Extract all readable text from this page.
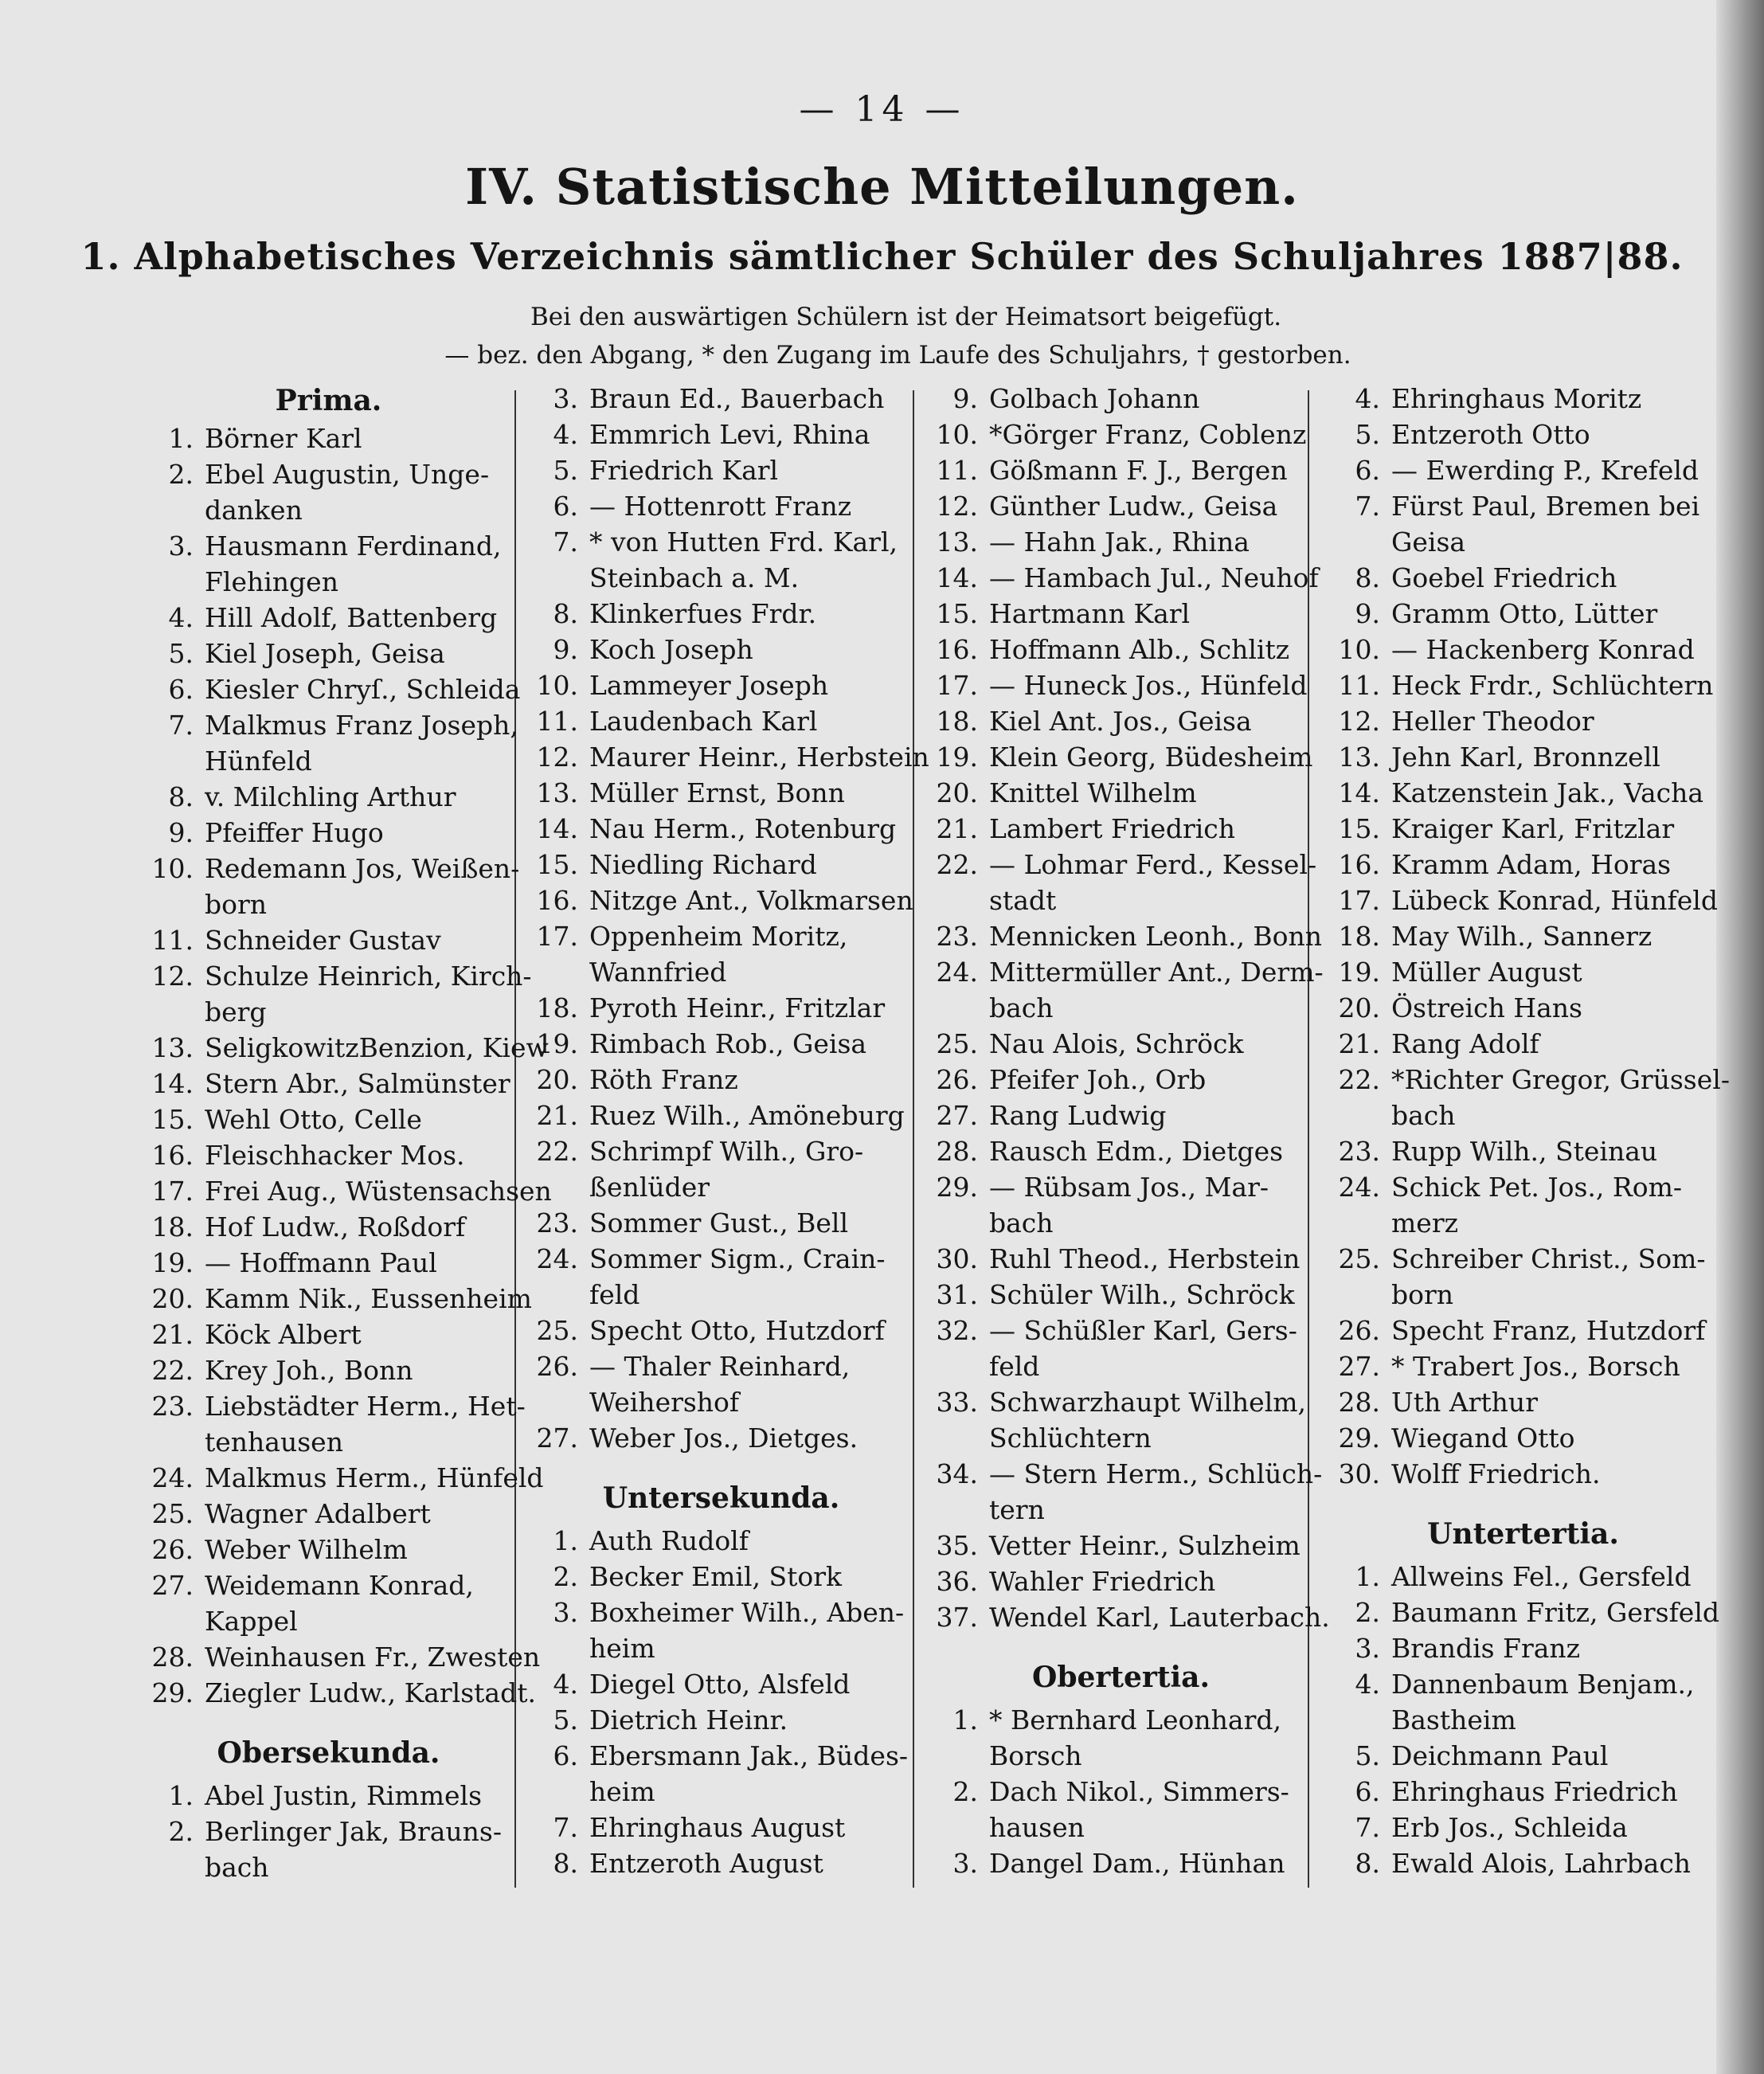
— 14 —
IV. Statistische Mitteilungen.
1. Alphabetisches Verzeichnis sämtlicher Schüler des Schuljahres 1887|88.
Bei den auswärtigen Schülern ist der Heimatsort beigefügt.
— bez. den Abgang, * den Zugang im Laufe des Schuljahrs, † gestorben.
Prima.
1. Börner Karl
2. Ebel Augustin, Unge-
danken
3. Hausmann Ferdinand,
Flehingen
4. Hill Adolf, Battenberg
5. Kiel Joseph, Geisa
6. Kiesler Chryſ., Schleida
7. Malkmus Franz Joseph,
Hünfeld
8. v. Milchling Arthur
9. Pfeiffer Hugo
10. Redemann Jos, Weißen-
born
11. Schneider Gustav
12. Schulze Heinrich, Kirch-
berg
13. SeligkowitzBenzion, Kiew
14. Stern Abr., Salmünster
15. Wehl Otto, Celle
16. Fleischhacker Mos.
17. Frei Aug., Wüstensachsen
18. Hof Ludw., Roßdorf
19. — Hoffmann Paul
20. Kamm Nik., Eussenheim
21. Köck Albert
22. Krey Joh., Bonn
23. Liebstädter Herm., Het-
tenhausen
24. Malkmus Herm., Hünfeld
25. Wagner Adalbert
26. Weber Wilhelm
27. Weidemann Konrad,
Kappel
28. Weinhausen Fr., Zwesten
29. Ziegler Ludw., Karlstadt.
Obersekunda.
1. Abel Justin, Rimmels
2. Berlinger Jak, Brauns-
bach
3. Braun Ed., Bauerbach
4. Emmrich Levi, Rhina
5. Friedrich Karl
6. — Hottenrott Franz
7. * von Hutten Frd. Karl,
Steinbach a. M.
8. Klinkerfues Frdr.
9. Koch Joseph
10. Lammeyer Joseph
11. Laudenbach Karl
12. Maurer Heinr., Herbstein
13. Müller Ernst, Bonn
14. Nau Herm., Rotenburg
15. Niedling Richard
16. Nitzge Ant., Volkmarsen
17. Oppenheim Moritz,
Wannfried
18. Pyroth Heinr., Fritzlar
19. Rimbach Rob., Geisa
20. Röth Franz
21. Ruez Wilh., Amöneburg
22. Schrimpf Wilh., Gro-
ßenlüder
23. Sommer Gust., Bell
24. Sommer Sigm., Crain-
feld
25. Specht Otto, Hutzdorf
26. — Thaler Reinhard,
Weihershof
27. Weber Jos., Dietges.
Untersekunda.
1. Auth Rudolf
2. Becker Emil, Stork
3. Boxheimer Wilh., Aben-
heim
4. Diegel Otto, Alsfeld
5. Dietrich Heinr.
6. Ebersmann Jak., Büdes-
heim
7. Ehringhaus August
8. Entzeroth August
9. Golbach Johann
10. *Görger Franz, Coblenz
11. Gößmann F. J., Bergen
12. Günther Ludw., Geisa
13. — Hahn Jak., Rhina
14. — Hambach Jul., Neuhof
15. Hartmann Karl
16. Hoffmann Alb., Schlitz
17. — Huneck Jos., Hünfeld
18. Kiel Ant. Jos., Geisa
19. Klein Georg, Büdesheim
20. Knittel Wilhelm
21. Lambert Friedrich
22. — Lohmar Ferd., Kessel-
stadt
23. Mennicken Leonh., Bonn
24. Mittermüller Ant., Derm-
bach
25. Nau Alois, Schröck
26. Pfeifer Joh., Orb
27. Rang Ludwig
28. Rausch Edm., Dietges
29. — Rübsam Jos., Mar-
bach
30. Ruhl Theod., Herbstein
31. Schüler Wilh., Schröck
32. — Schüßler Karl, Gers-
feld
33. Schwarzhaupt Wilhelm,
Schlüchtern
34. — Stern Herm., Schlüch-
tern
35. Vetter Heinr., Sulzheim
36. Wahler Friedrich
37. Wendel Karl, Lauterbach.
Obertertia.
1. * Bernhard Leonhard,
Borsch
2. Dach Nikol., Simmers-
hausen
3. Dangel Dam., Hünhan
4. Ehringhaus Moritz
5. Entzeroth Otto
6. — Ewerding P., Krefeld
7. Fürst Paul, Bremen bei
Geisa
8. Goebel Friedrich
9. Gramm Otto, Lütter
10. — Hackenberg Konrad
11. Heck Frdr., Schlüchtern
12. Heller Theodor
13. Jehn Karl, Bronnzell
14. Katzenstein Jak., Vacha
15. Kraiger Karl, Fritzlar
16. Kramm Adam, Horas
17. Lübeck Konrad, Hünfeld
18. May Wilh., Sannerz
19. Müller August
20. Östreich Hans
21. Rang Adolf
22. *Richter Gregor, Grüssel-
bach
23. Rupp Wilh., Steinau
24. Schick Pet. Jos., Rom-
merz
25. Schreiber Christ., Som-
born
26. Specht Franz, Hutzdorf
27. * Trabert Jos., Borsch
28. Uth Arthur
29. Wiegand Otto
30. Wolff Friedrich.
Untertertia.
1. Allweins Fel., Gersfeld
2. Baumann Fritz, Gersfeld
3. Brandis Franz
4. Dannenbaum Benjam.,
Bastheim
5. Deichmann Paul
6. Ehringhaus Friedrich
7. Erb Jos., Schleida
8. Ewald Alois, Lahrbach
